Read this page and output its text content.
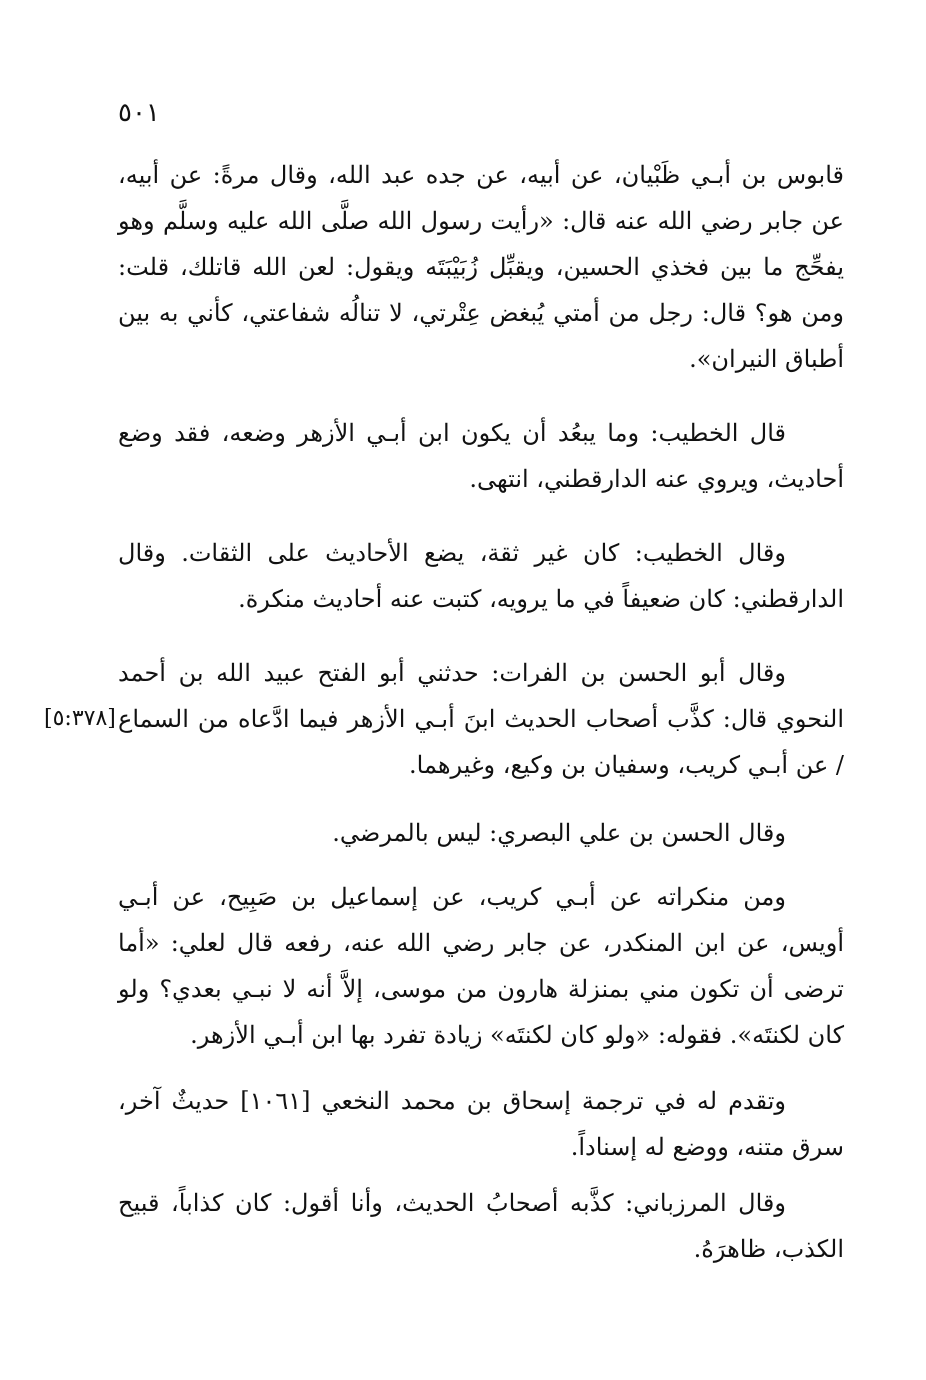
٥٠١
[٥:٣٧٨]

قابوس بن أبـي ظَبْيان، عن أبيه، عن جده عبد الله، وقال مرةً: عن أبيه، عن جابر رضي الله عنه قال: «رأيت رسول الله صلَّى الله عليه وسلَّم وهو يفحِّج ما بين فخذي الحسين، ويقبِّل زُبَيْبَتَه ويقول: لعن الله قاتلك، قلت: ومن هو؟ قال: رجل من أمتي يُبغض عِتْرتي، لا تنالُه شفاعتي، كأني به بين أطباق النيران».

قال الخطيب: وما يبعُد أن يكون ابن أبـي الأزهر وضعه، فقد وضع أحاديث، ويروي عنه الدارقطني، انتهى.

وقال الخطيب: كان غير ثقة، يضع الأحاديث على الثقات. وقال الدارقطني: كان ضعيفاً في ما يرويه، كتبت عنه أحاديث منكرة.

وقال أبو الحسن بن الفرات: حدثني أبو الفتح عبيد الله بن أحمد النحوي قال: كذَّب أصحاب الحديث ابنَ أبـي الأزهر فيما ادَّعاه من السماع / عن أبـي كريب، وسفيان بن وكيع، وغيرهما.

وقال الحسن بن علي البصري: ليس بالمرضي.

ومن منكراته عن أبـي كريب، عن إسماعيل بن صَبِيح، عن أبـي أويس، عن ابن المنكدر، عن جابر رضي الله عنه، رفعه قال لعلي: «أما ترضى أن تكون مني بمنزلة هارون من موسى، إلاَّ أنه لا نبـي بعدي؟ ولو كان لكنتَه». فقوله: «ولو كان لكنتَه» زيادة تفرد بها ابن أبـي الأزهر.

وتقدم له في ترجمة إسحاق بن محمد النخعي [١٠٦١] حديثٌ آخر، سرق متنه، ووضع له إسناداً.

وقال المرزباني: كذَّبه أصحابُ الحديث، وأنا أقول: كان كذاباً، قبيح الكذب، ظاهرَهُ.
